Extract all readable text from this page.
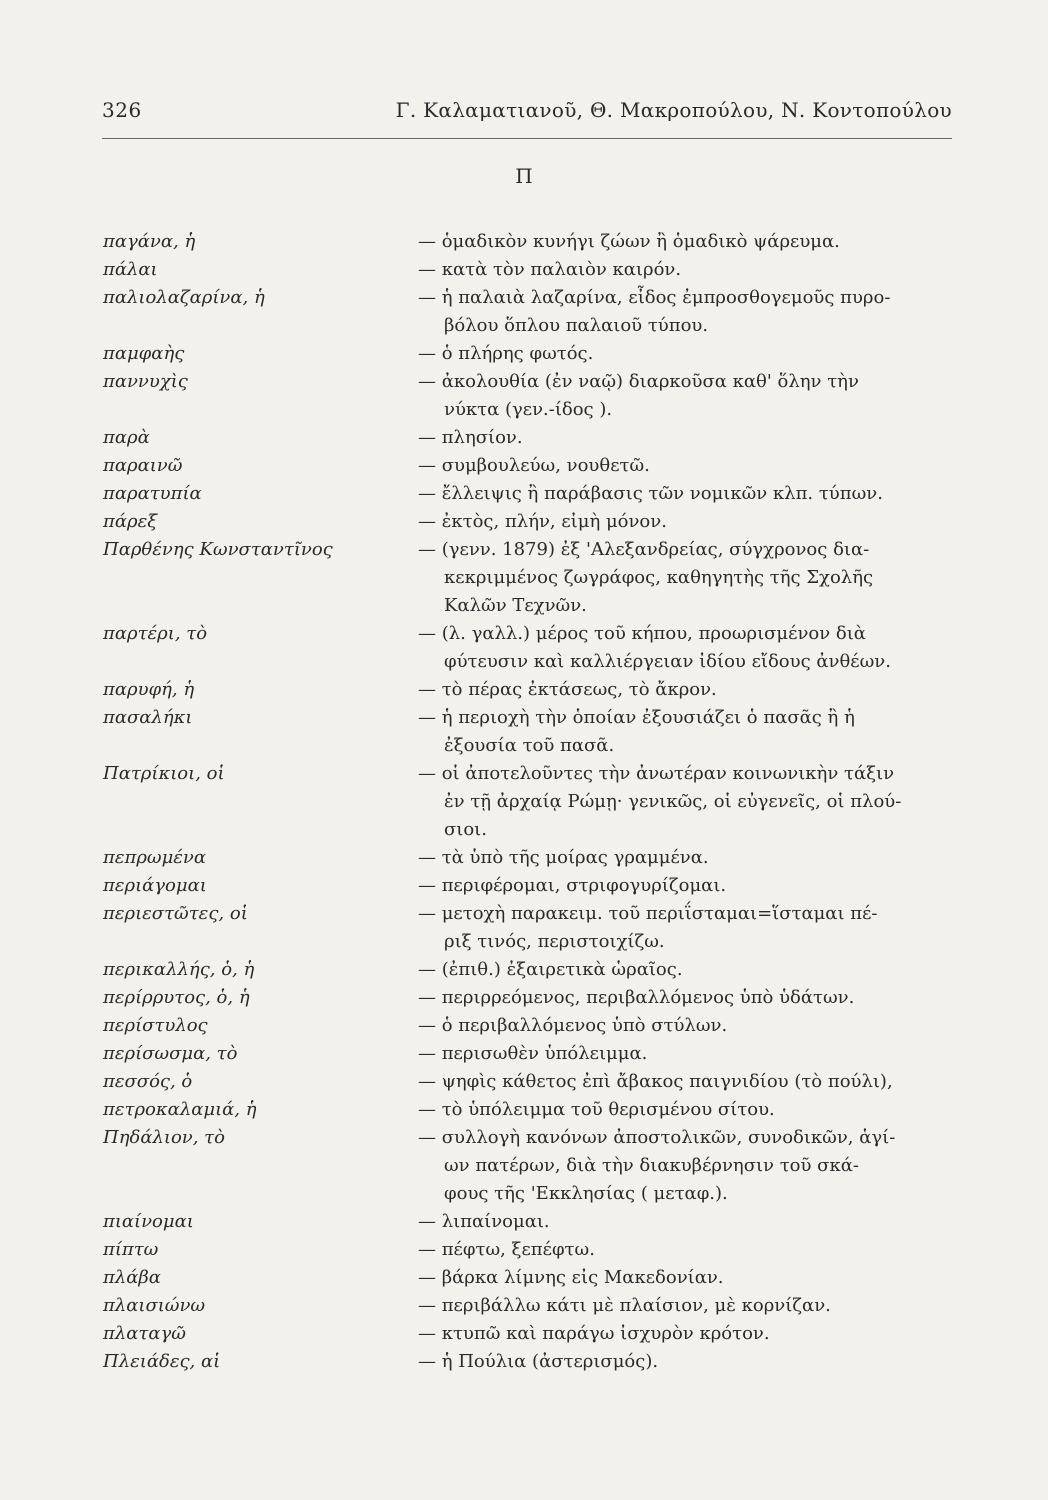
326	Γ. Καλαματιανοῦ, Θ. Μακροπούλου, Ν. Κοντοπούλου
Π
παγάνα, ἡ	— ὁμαδικὸν κυνήγι ζώων ἢ ὁμαδικὸ ψάρευμα.
πάλαι	— κατὰ τὸν παλαιὸν καιρόν.
παλιολαζαρίνα, ἡ	— ἡ παλαιὰ λαζαρίνα, εἶδος ἐμπροσθογεμοῦς πυρο-
βόλου ὅπλου παλαιοῦ τύπου.
παμφαὴς	— ὁ πλήρης φωτός.
παννυχὶς	— ἀκολουθία (ἐν ναῷ) διαρκοῦσα καθ' ὅλην τὴν
νύκτα (γεν.-ίδος ).
παρὰ	— πλησίον.
παραινῶ	— συμβουλεύω, νουθετῶ.
παρατυπία	— ἔλλειψις ἢ παράβασις τῶν νομικῶν κλπ. τύπων.
πάρεξ	— ἐκτὸς, πλήν, εἰμὴ μόνον.
Παρθένης Κωνσταντῖνος	— (γενν. 1879) ἐξ 'Αλεξανδρείας, σύγχρονος δια-
κεκριμμένος ζωγράφος, καθηγητὴς τῆς Σχολῆς
Καλῶν Τεχνῶν.
παρτέρι, τὸ	— (λ. γαλλ.) μέρος τοῦ κήπου, προωρισμένον διὰ
φύτευσιν καὶ καλλιέργειαν ἰδίου εἴδους ἀνθέων.
παρυφή, ἡ	— τὸ πέρας ἐκτάσεως, τὸ ἄκρον.
πασαλήκι	— ἡ περιοχὴ τὴν ὁποίαν ἐξουσιάζει ὁ πασᾶς ἢ ἡ
ἐξουσία τοῦ πασᾶ.
Πατρίκιοι, οἱ	— οἱ ἀποτελοῦντες τὴν ἀνωτέραν κοινωνικὴν τάξιν
ἐν τῇ ἀρχαίᾳ Ρώμῃ· γενικῶς, οἱ εὐγενεῖς, οἱ πλού-
σιοι.
πεπρωμένα	— τὰ ὑπὸ τῆς μοίρας γραμμένα.
περιάγομαι	— περιφέρομαι, στριφογυρίζομαι.
περιεστῶτες, οἱ	— μετοχὴ παρακειμ. τοῦ περιΐσταμαι=ἵσταμαι πέ-
ριξ τινός, περιστοιχίζω.
περικαλλής, ὁ, ἡ	— (ἐπιθ.) ἐξαιρετικὰ ὡραῖος.
περίρρυτος, ὁ, ἡ	— περιρρεόμενος, περιβαλλόμενος ὑπὸ ὑδάτων.
περίστυλος	— ὁ περιβαλλόμενος ὑπὸ στύλων.
περίσωσμα, τὸ	— περισωθὲν ὑπόλειμμα.
πεσσός, ὁ	— ψηφὶς κάθετος ἐπὶ ἄβακος παιγνιδίου (τὸ πούλι),
πετροκαλαμιά, ἡ	— τὸ ὑπόλειμμα τοῦ θερισμένου σίτου.
Πηδάλιον, τὸ	— συλλογὴ κανόνων ἀποστολικῶν, συνοδικῶν, ἁγί-
ων πατέρων, διὰ τὴν διακυβέρνησιν τοῦ σκά-
φους τῆς 'Εκκλησίας ( μεταφ.).
πιαίνομαι	— λιπαίνομαι.
πίπτω	— πέφτω, ξεπέφτω.
πλάβα	— βάρκα λίμνης εἰς Μακεδονίαν.
πλαισιώνω	— περιβάλλω κάτι μὲ πλαίσιον, μὲ κορνίζαν.
πλαταγῶ	— κτυπῶ καὶ παράγω ἰσχυρὸν κρότον.
Πλειάδες, αἱ	— ἡ Πούλια (ἀστερισμός).
